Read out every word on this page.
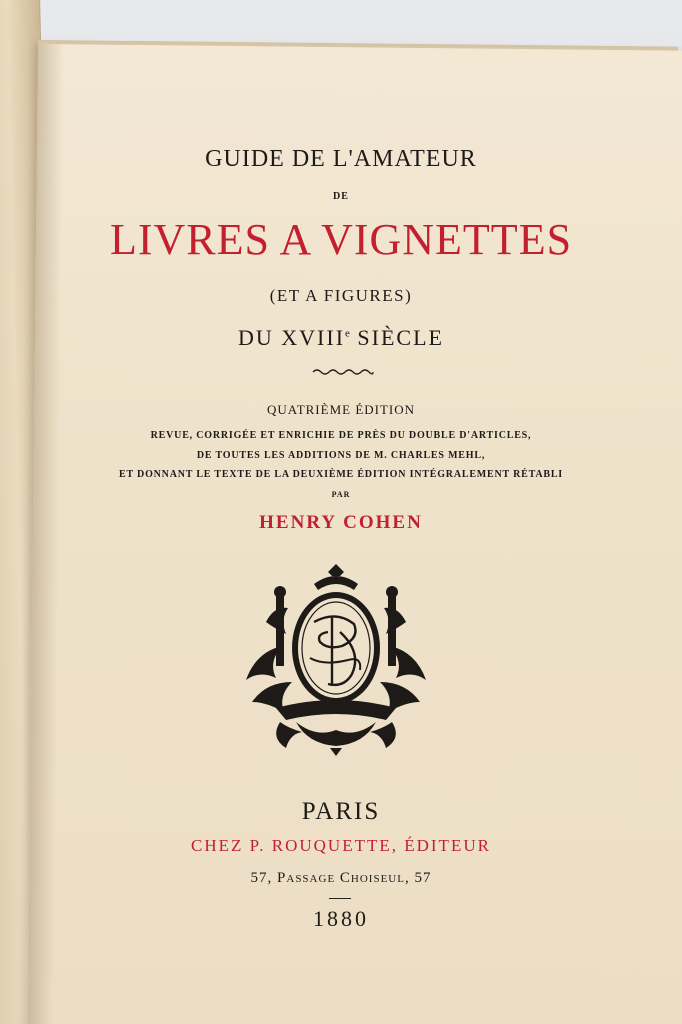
GUIDE DE L'AMATEUR
DE
LIVRES A VIGNETTES
(ET A FIGURES)
DU XVIIIe SIÈCLE
QUATRIÈME ÉDITION
REVUE, CORRIGÉE ET ENRICHIE DE PRÈS DU DOUBLE D'ARTICLES,
DE TOUTES LES ADDITIONS DE M. CHARLES MEHL,
ET DONNANT LE TEXTE DE LA DEUXIÈME ÉDITION INTÉGRALEMENT RÉTABLI
PAR
HENRY COHEN
PARIS
CHEZ P. ROUQUETTE, ÉDITEUR
57, Passage Choiseul, 57
1880
